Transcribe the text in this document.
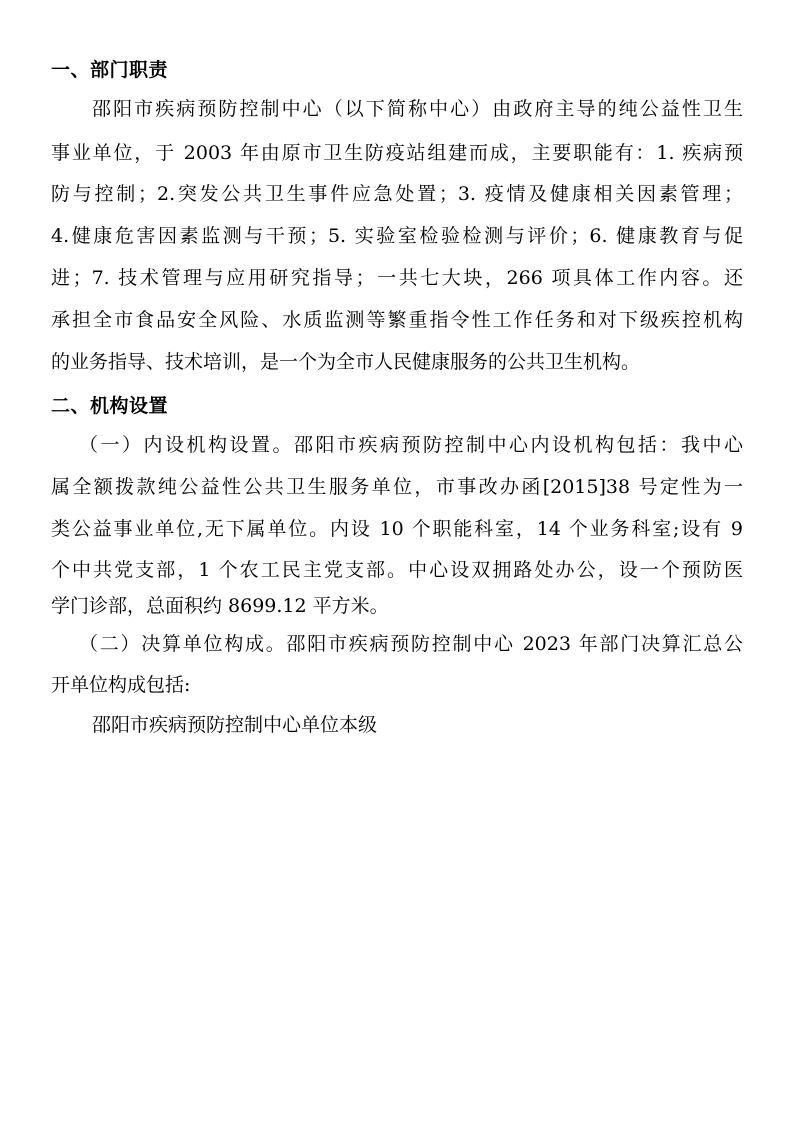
一、部门职责
邵阳市疾病预防控制中心（以下简称中心）由政府主导的纯公益性卫生
事业单位，于 2003 年由原市卫生防疫站组建而成，主要职能有：1. 疾病预
防与控制；2.突发公共卫生事件应急处置；3. 疫情及健康相关因素管理；
4.健康危害因素监测与干预；5. 实验室检验检测与评价；6. 健康教育与促
进；7. 技术管理与应用研究指导；一共七大块，266 项具体工作内容。还
承担全市食品安全风险、水质监测等繁重指令性工作任务和对下级疾控机构
的业务指导、技术培训，是一个为全市人民健康服务的公共卫生机构。
二、机构设置
（一）内设机构设置。邵阳市疾病预防控制中心内设机构包括：我中心
属全额拨款纯公益性公共卫生服务单位，市事改办函[2015]38 号定性为一
类公益事业单位,无下属单位。内设 10 个职能科室，14 个业务科室;设有 9
个中共党支部，1 个农工民主党支部。中心设双拥路处办公，设一个预防医
学门诊部，总面积约 8699.12 平方米。
（二）决算单位构成。邵阳市疾病预防控制中心 2023 年部门决算汇总公
开单位构成包括:
邵阳市疾病预防控制中心单位本级
